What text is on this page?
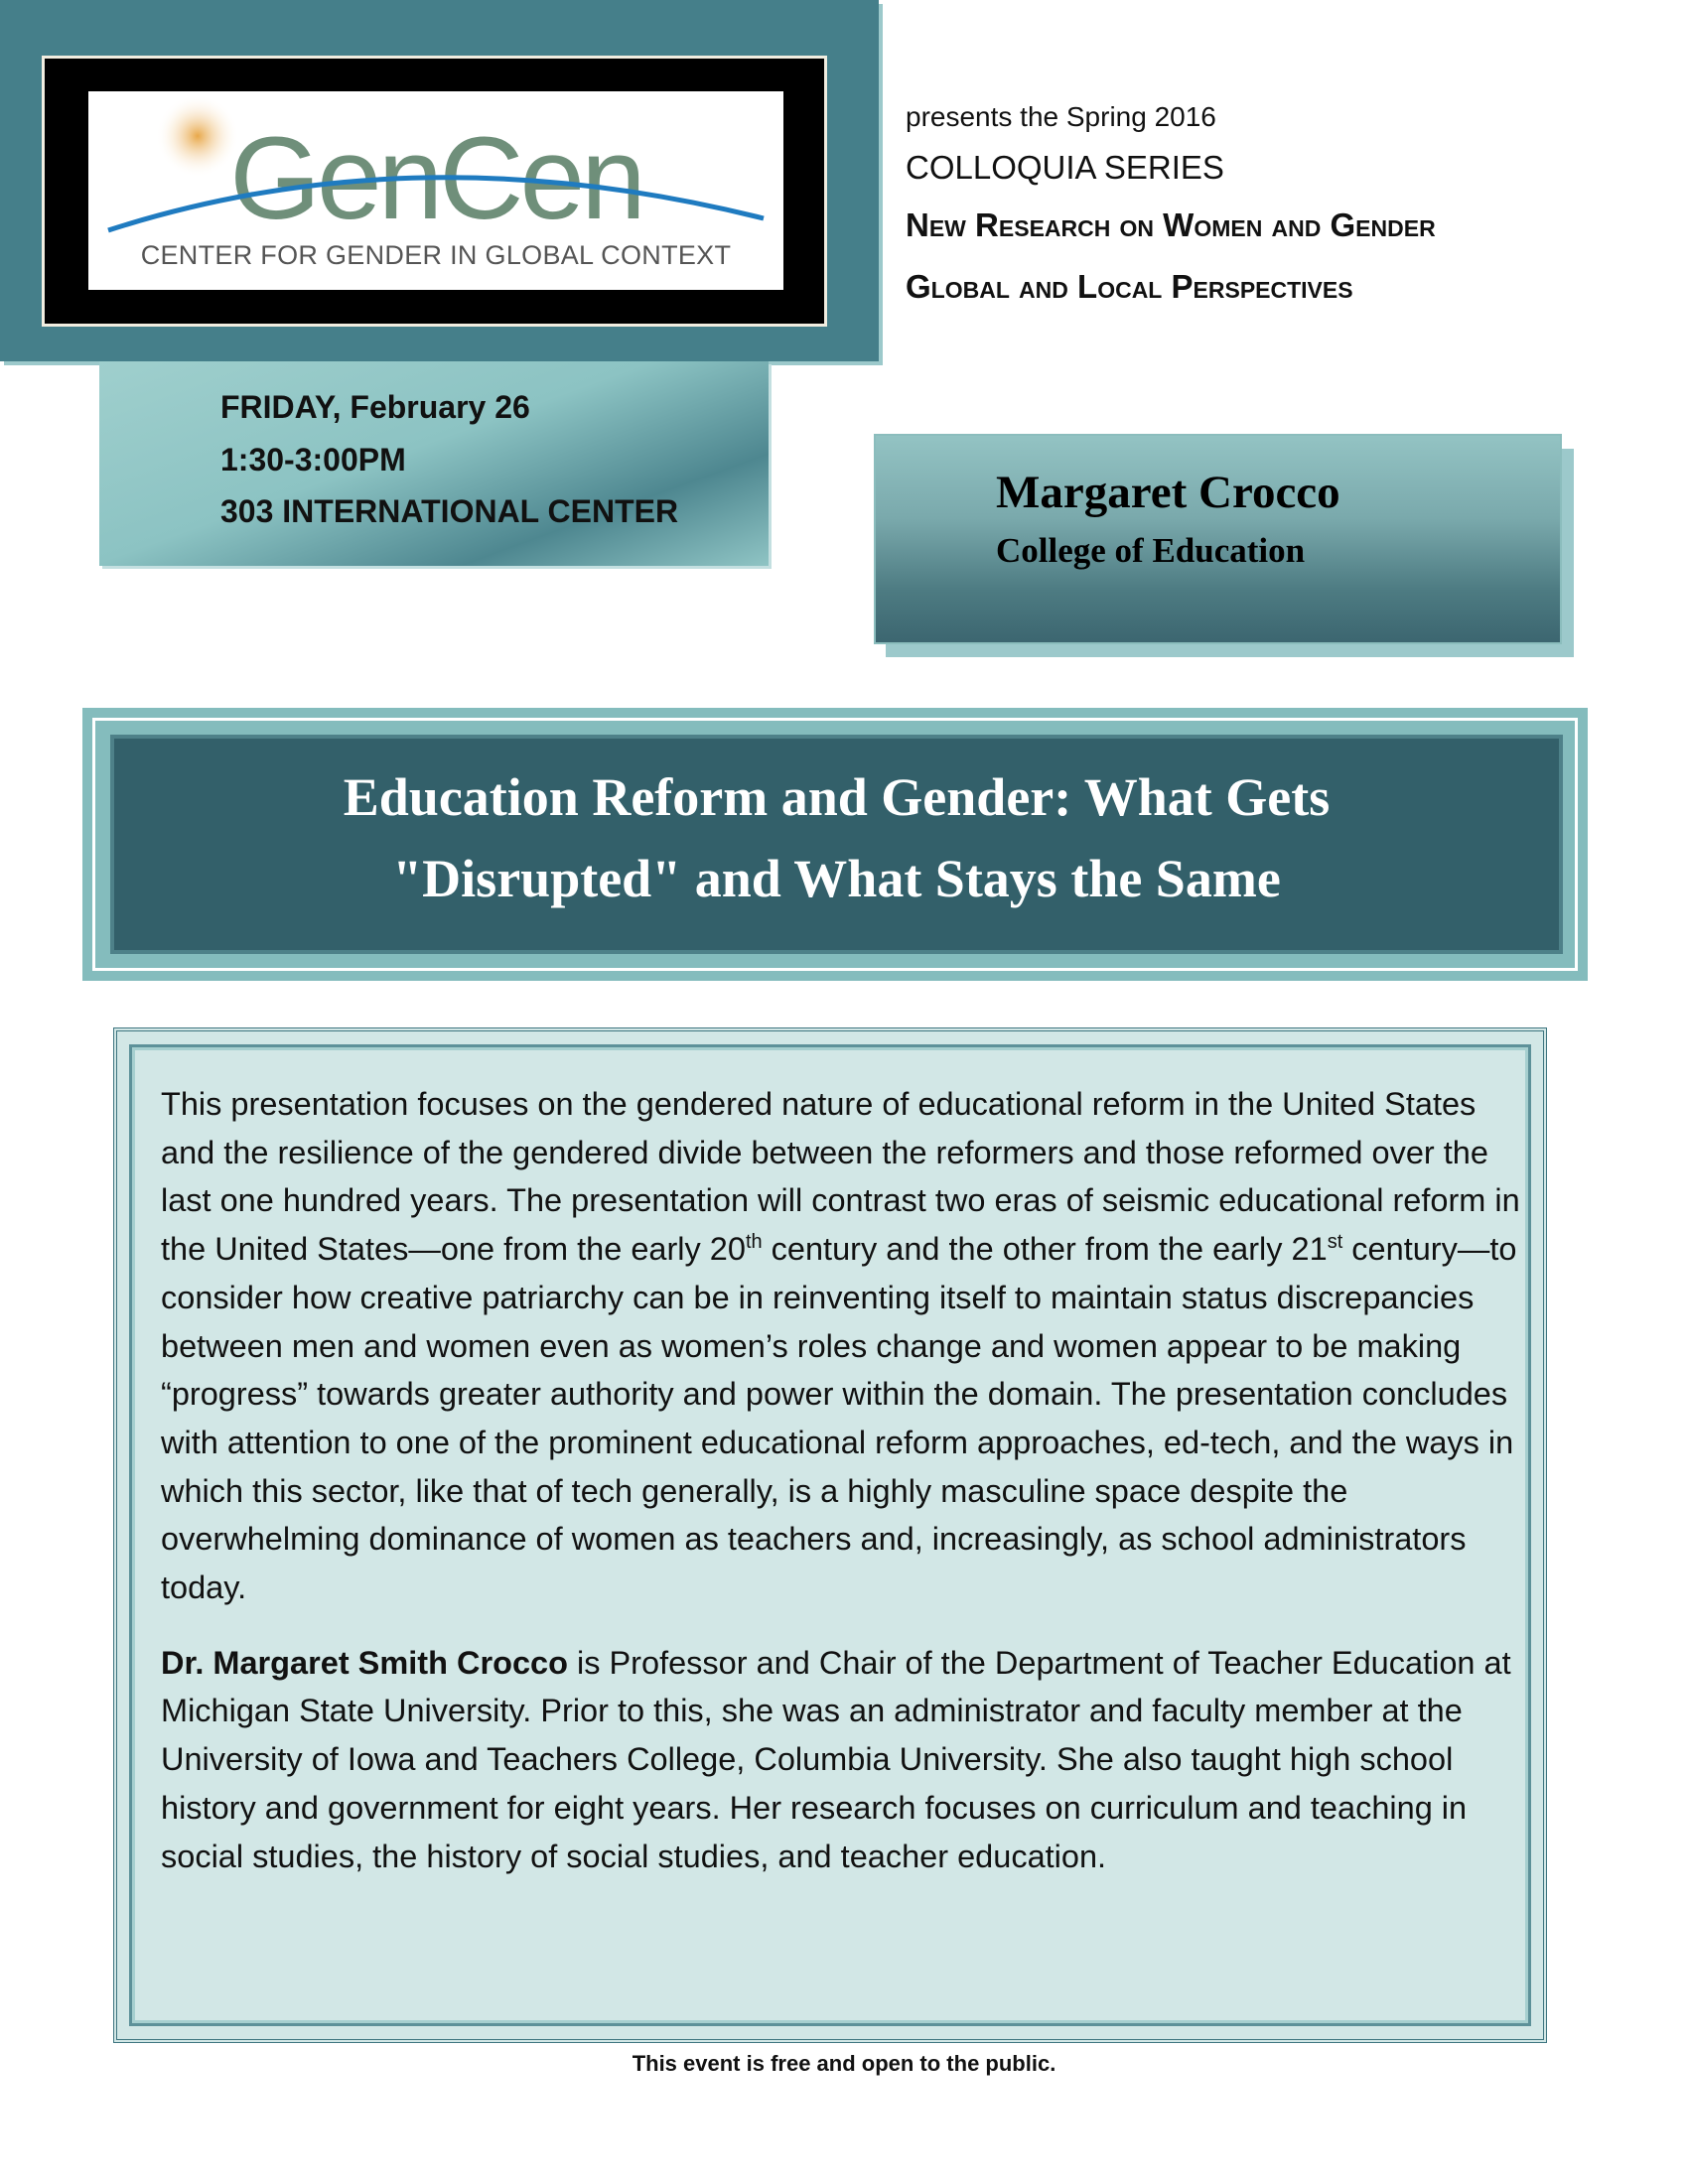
GenCen
CENTER FOR GENDER IN GLOBAL CONTEXT
FRIDAY, February 26
1:30-3:00PM
303 INTERNATIONAL CENTER
presents the Spring 2016
COLLOQUIA SERIES
New Research on Women and Gender
Global and Local Perspectives
Margaret Crocco
College of Education
Education Reform and Gender: What Gets
"Disrupted" and What Stays the Same

This presentation focuses on the gendered nature of educational reform in the United States and the resilience of the gendered divide between the reformers and those reformed over the last one hundred years. The presentation will contrast two eras of seismic educational reform in the United States—one from the early 20th century and the other from the early 21st century—to consider how creative patriarchy can be in reinventing itself to maintain status discrepancies between men and women even as women’s roles change and women appear to be making “progress” towards greater authority and power within the domain. The presentation concludes with attention to one of the prominent educational reform approaches, ed-tech, and the ways in which this sector, like that of tech generally, is a highly masculine space despite the overwhelming dominance of women as teachers and, increasingly, as school administrators today.

Dr. Margaret Smith Crocco is Professor and Chair of the Department of Teacher Education at Michigan State University. Prior to this, she was an administrator and faculty member at the University of Iowa and Teachers College, Columbia University. She also taught high school history and government for eight years. Her research focuses on curriculum and teaching in social studies, the history of social studies, and teacher education.

This event is free and open to the public.
